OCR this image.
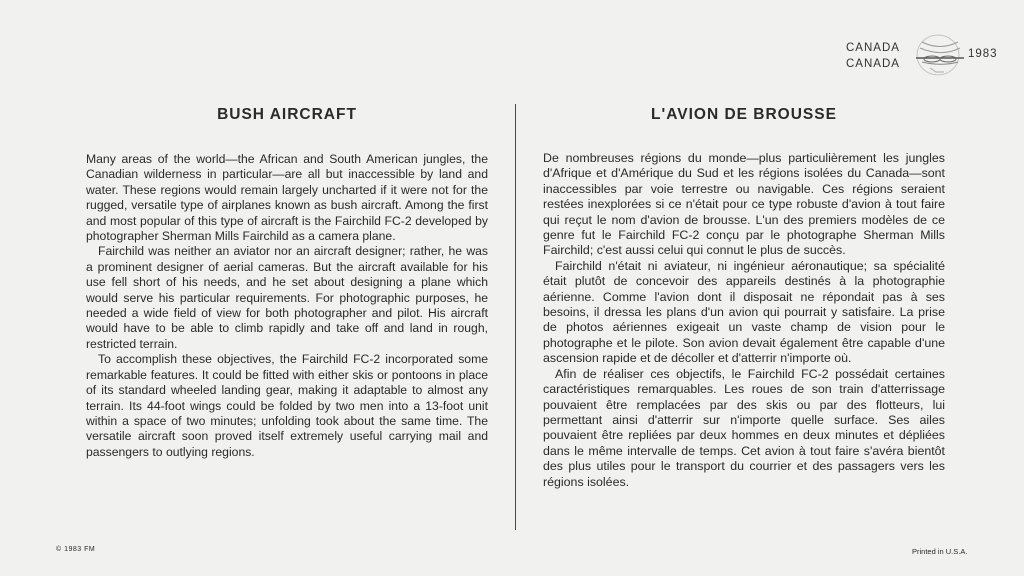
CANADA
CANADA
1983
BUSH AIRCRAFT

Many areas of the world—the African and South American jungles, the Canadian wilderness in particular—are all but inaccessible by land and water. These regions would remain largely uncharted if it were not for the rugged, versatile type of airplanes known as bush aircraft. Among the first and most popular of this type of aircraft is the Fairchild FC-2 developed by photographer Sherman Mills Fairchild as a camera plane.

Fairchild was neither an aviator nor an aircraft designer; rather, he was a prominent designer of aerial cameras. But the aircraft available for his use fell short of his needs, and he set about designing a plane which would serve his particular requirements. For photographic purposes, he needed a wide field of view for both photographer and pilot. His aircraft would have to be able to climb rapidly and take off and land in rough, restricted terrain.

To accomplish these objectives, the Fairchild FC-2 incorporated some remarkable features. It could be fitted with either skis or pontoons in place of its standard wheeled landing gear, making it adaptable to almost any terrain. Its 44-foot wings could be folded by two men into a 13-foot unit within a space of two minutes; unfolding took about the same time. The versatile aircraft soon proved itself extremely useful carrying mail and passengers to outlying regions.

L'AVION DE BROUSSE

De nombreuses régions du monde—plus particulièrement les jungles d'Afrique et d'Amérique du Sud et les régions isolées du Canada—sont inaccessibles par voie terrestre ou navigable. Ces régions seraient restées inexplorées si ce n'était pour ce type robuste d'avion à tout faire qui reçut le nom d'avion de brousse. L'un des premiers modèles de ce genre fut le Fairchild FC-2 conçu par le photographe Sherman Mills Fairchild; c'est aussi celui qui connut le plus de succès.

Fairchild n'était ni aviateur, ni ingénieur aéronautique; sa spécialité était plutôt de concevoir des appareils destinés à la photographie aérienne. Comme l'avion dont il disposait ne répondait pas à ses besoins, il dressa les plans d'un avion qui pourrait y satisfaire. La prise de photos aériennes exigeait un vaste champ de vision pour le photographe et le pilote. Son avion devait également être capable d'une ascension rapide et de décoller et d'atterrir n'importe où.

Afin de réaliser ces objectifs, le Fairchild FC-2 possédait certaines caractéristiques remarquables. Les roues de son train d'atterrissage pouvaient être remplacées par des skis ou par des flotteurs, lui permettant ainsi d'atterrir sur n'importe quelle surface. Ses ailes pouvaient être repliées par deux hommes en deux minutes et dépliées dans le même intervalle de temps. Cet avion à tout faire s'avéra bientôt des plus utiles pour le transport du courrier et des passagers vers les régions isolées.

© 1983 FM	Printed in U.S.A.
